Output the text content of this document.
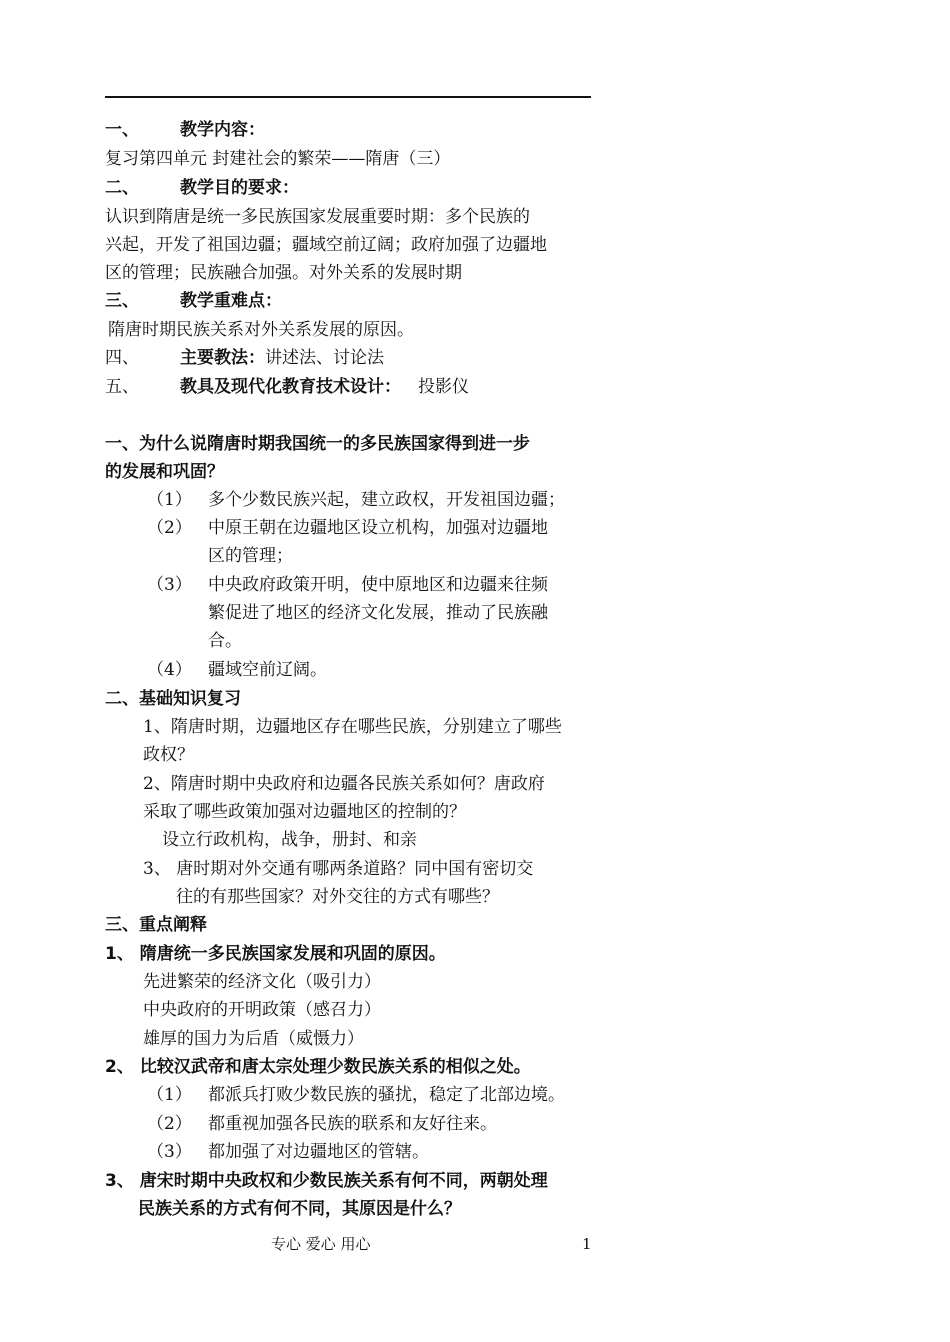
一、 教学内容：
复习第四单元 封建社会的繁荣——隋唐（三）
二、 教学目的要求：
认识到隋唐是统一多民族国家发展重要时期：多个民族的
兴起，开发了祖国边疆；疆域空前辽阔；政府加强了边疆地
区的管理；民族融合加强。对外关系的发展时期
三、 教学重难点：
隋唐时期民族关系对外关系发展的原因。
四、 主要教法： 讲述法、讨论法
五、 教具及现代化教育技术设计： 投影仪
一、为什么说隋唐时期我国统一的多民族国家得到进一步
的发展和巩固？
（1） 多个少数民族兴起，建立政权，开发祖国边疆；
（2） 中原王朝在边疆地区设立机构，加强对边疆地
区的管理；
（3） 中央政府政策开明，使中原地区和边疆来往频
繁促进了地区的经济文化发展，推动了民族融
合。
（4） 疆域空前辽阔。
二、基础知识复习
1、隋唐时期，边疆地区存在哪些民族，分别建立了哪些
政权？
2、隋唐时期中央政府和边疆各民族关系如何？唐政府
采取了哪些政策加强对边疆地区的控制的？
设立行政机构，战争，册封、和亲
3、 唐时期对外交通有哪两条道路？同中国有密切交
往的有那些国家？对外交往的方式有哪些？
三、重点阐释
1、 隋唐统一多民族国家发展和巩固的原因。
先进繁荣的经济文化（吸引力）
中央政府的开明政策（感召力）
雄厚的国力为后盾（威慑力）
2、 比较汉武帝和唐太宗处理少数民族关系的相似之处。
（1） 都派兵打败少数民族的骚扰，稳定了北部边境。
（2） 都重视加强各民族的联系和友好往来。
（3） 都加强了对边疆地区的管辖。
3、 唐宋时期中央政权和少数民族关系有何不同，两朝处理
民族关系的方式有何不同，其原因是什么？
专心 爱心 用心	1
